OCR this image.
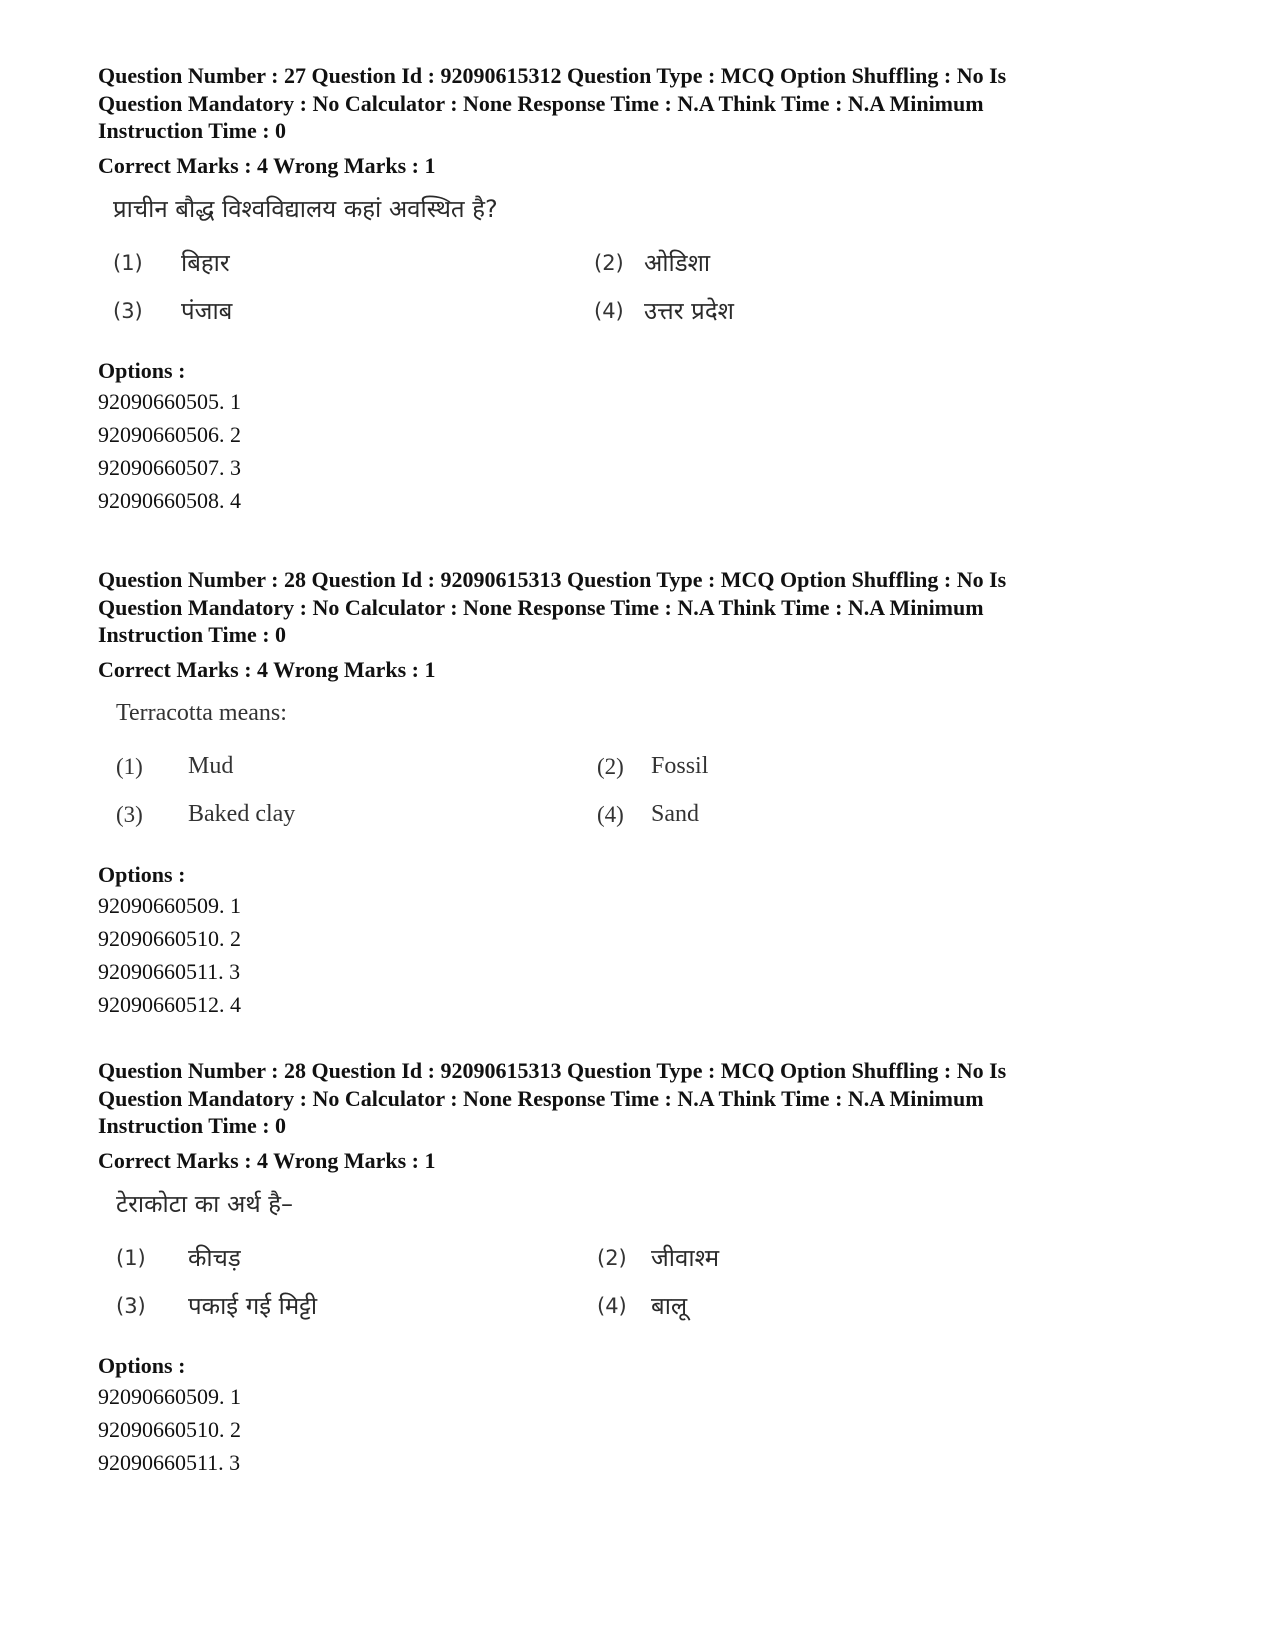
Question Number : 27 Question Id : 92090615312 Question Type : MCQ Option Shuffling : No Is

Question Mandatory : No Calculator : None Response Time : N.A Think Time : N.A Minimum

Instruction Time : 0

Correct Marks : 4 Wrong Marks : 1

प्राचीन बौद्ध विश्वविद्यालय कहां अवस्थित है?
(1)	बिहार	(2) ओडिशा
(3)	पंजाब	(4) उत्तर प्रदेश
Options :
92090660505. 1
92090660506. 2
92090660507. 3
92090660508. 4

Question Number : 28 Question Id : 92090615313 Question Type : MCQ Option Shuffling : No Is

Question Mandatory : No Calculator : None Response Time : N.A Think Time : N.A Minimum

Instruction Time : 0

Correct Marks : 4 Wrong Marks : 1

Terracotta means:
(1)	Mud	(2)	Fossil
(3)	Baked clay	(4)	Sand
Options :
92090660509. 1
92090660510. 2
92090660511. 3
92090660512. 4

Question Number : 28 Question Id : 92090615313 Question Type : MCQ Option Shuffling : No Is

Question Mandatory : No Calculator : None Response Time : N.A Think Time : N.A Minimum

Instruction Time : 0

Correct Marks : 4 Wrong Marks : 1

टेराकोटा का अर्थ है–
(1)	कीचड़	(2)	जीवाश्म
(3)	पकाई गई मिट्टी	(4)	बालू
Options :
92090660509. 1
92090660510. 2
92090660511. 3
